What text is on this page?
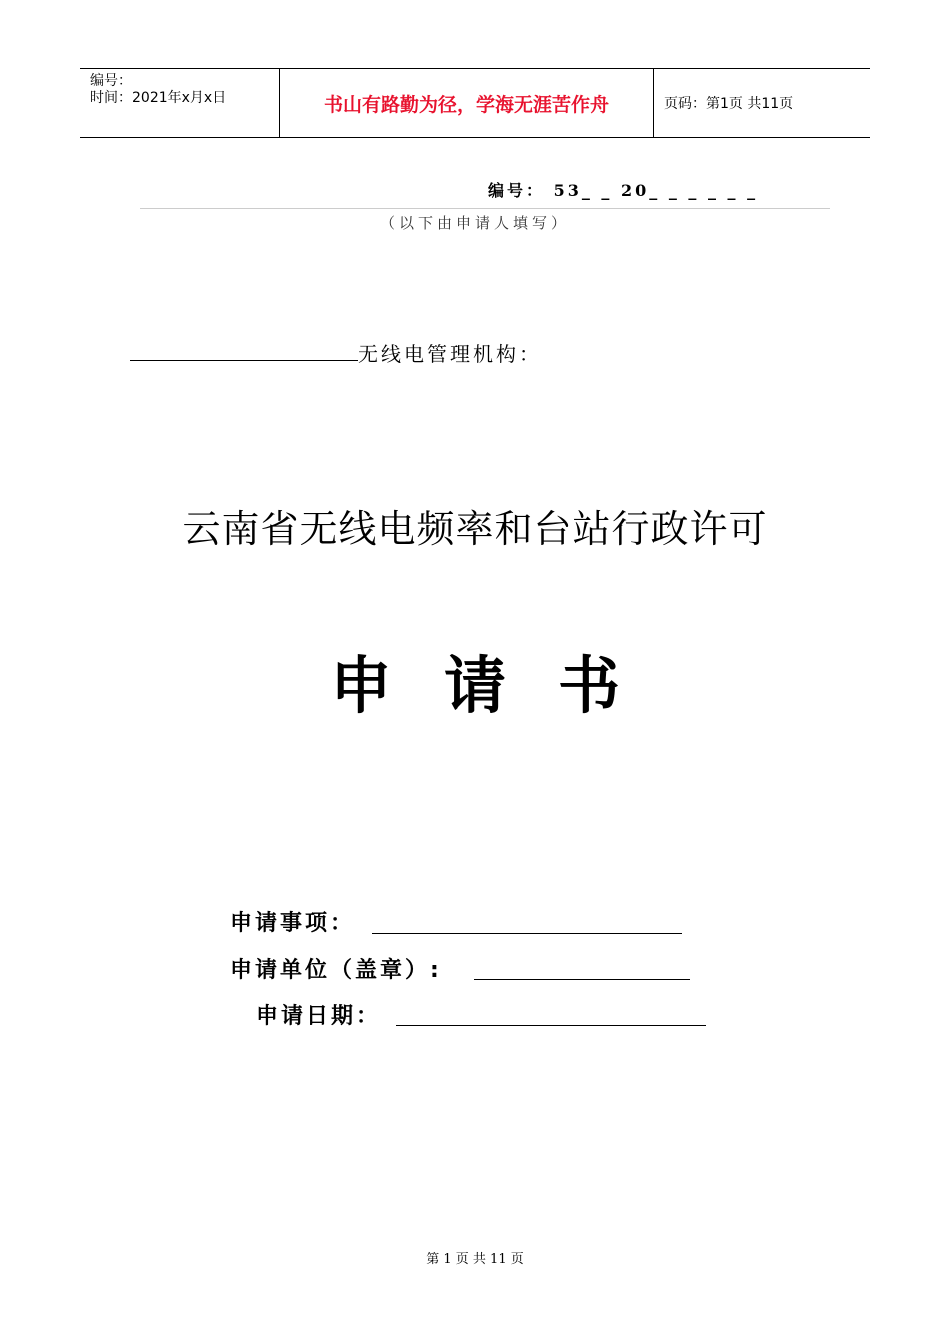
编号：
时间：2021年x月x日	书山有路勤为径，学海无涯苦作舟	页码：第1页 共11页
编号： 53_ _ 20_ _ _ _ _ _
（以下由申请人填写）
无线电管理机构：
云南省无线电频率和台站行政许可
申 请 书
申请事项：
申请单位（盖章）:
申请日期：
第 1 页 共 11 页
